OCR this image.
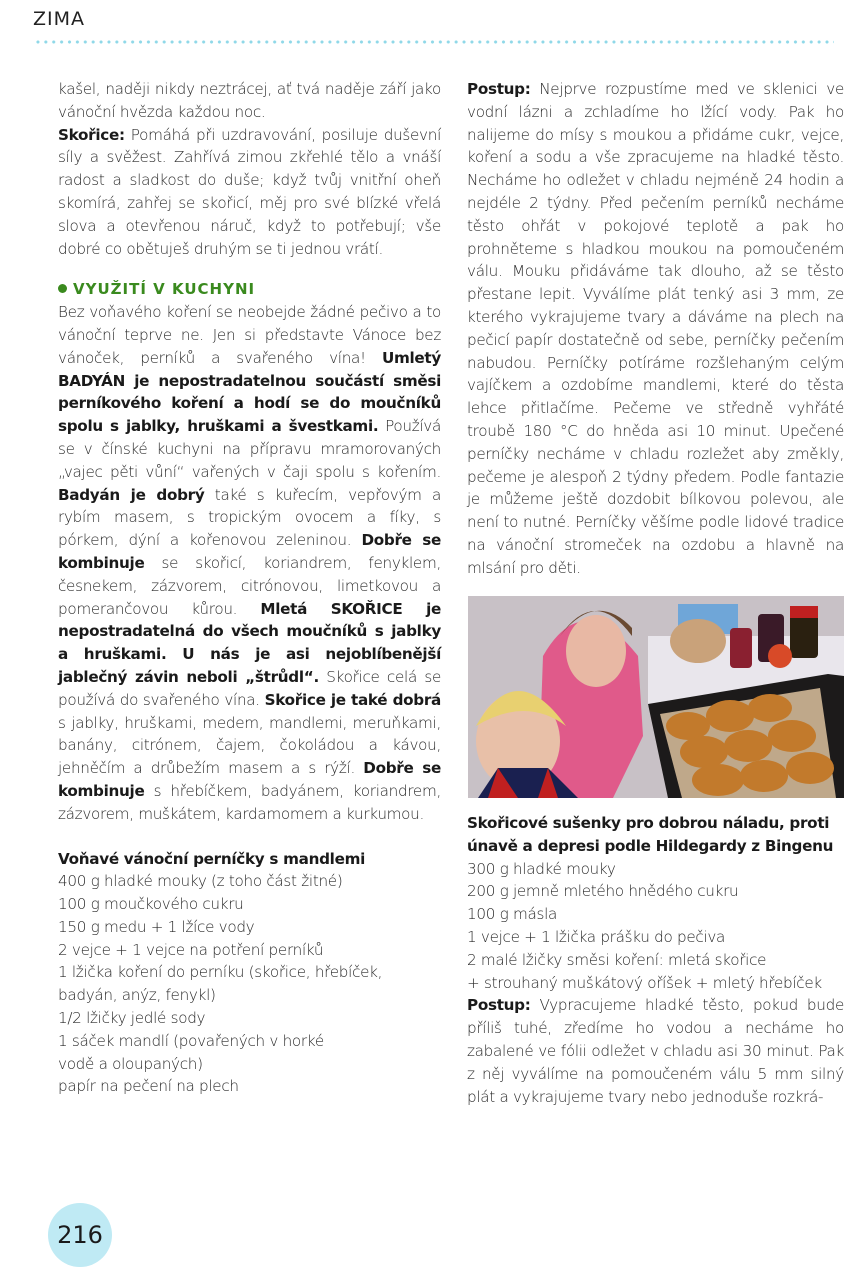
ZIMA

kašel, naději nikdy neztrácej, ať tvá naděje září jako vánoční hvězda každou noc.

Skořice: Pomáhá při uzdravování, posiluje duševní síly a svěžest. Zahřívá zimou zkřehlé tělo a vnáší radost a sladkost do duše; když tvůj vnitřní oheň skomírá, zahřej se skořicí, měj pro své blízké vřelá slova a otevřenou náruč, když to potřebují; vše dobré co obětuješ druhým se ti jednou vrátí.

VYUŽITÍ V KUCHYNI

Bez voňavého koření se neobejde žádné pečivo a to vánoční teprve ne. Jen si představte Vánoce bez vánoček, perníků a svařeného vína! Umletý BADYÁN je nepostradatelnou součástí směsi perníkového koření a hodí se do moučníků spolu s jablky, hruškami a švestkami. Používá se v čínské kuchyni na přípravu mramorovaných „vajec pěti vůní“ vařených v čaji spolu s kořením. Badyán je dobrý také s kuřecím, vepřovým a rybím masem, s tropickým ovocem a fíky, s pórkem, dýní a kořenovou zeleninou. Dobře se kombinuje se skořicí, koriandrem, fenyklem, česnekem, zázvorem, citrónovou, limetkovou a pomerančovou kůrou. Mletá SKOŘICE je nepostradatelná do všech moučníků s jablky a hruškami. U nás je asi nejoblíbenější jablečný závin neboli „štrůdl“. Skořice celá se používá do svařeného vína. Skořice je také dobrá s jablky, hruškami, medem, mandlemi, meruňkami, banány, citrónem, čajem, čokoládou a kávou, jehněčím a drůbežím masem a s rýží. Dobře se kombinuje s hřebíčkem, badyánem, koriandrem, zázvorem, muškátem, kardamomem a kurkumou.

Voňavé vánoční perníčky s mandlemi

400 g hladké mouky (z toho část žitné)

100 g moučkového cukru

150 g medu + 1 lžíce vody

2 vejce + 1 vejce na potření perníků

1 lžička koření do perníku (skořice, hřebíček, badyán, anýz, fenykl)

1/2 lžičky jedlé sody

1 sáček mandlí (povařených v horké vodě a oloupaných)

papír na pečení na plech

Postup: Nejprve rozpustíme med ve sklenici ve vodní lázni a zchladíme ho lžící vody. Pak ho nalijeme do mísy s moukou a přidáme cukr, vejce, koření a sodu a vše zpracujeme na hladké těsto. Necháme ho odležet v chladu nejméně 24 hodin a nejdéle 2 týdny. Před pečením perníků necháme těsto ohřát v pokojové teplotě a pak ho prohněteme s hladkou moukou na pomoučeném válu. Mouku přidáváme tak dlouho, až se těsto přestane lepit. Vyválíme plát tenký asi 3 mm, ze kterého vykrajujeme tvary a dáváme na plech na pečicí papír dostatečně od sebe, perníčky pečením nabudou. Perníčky potíráme rozšlehaným celým vajíčkem a ozdobíme mandlemi, které do těsta lehce přitlačíme. Pečeme ve středně vyhřáté troubě 180 °C do hněda asi 10 minut. Upečené perníčky necháme v chladu rozležet aby změkly, pečeme je alespoň 2 týdny předem. Podle fantazie je můžeme ještě dozdobit bílkovou polevou, ale není to nutné. Perníčky věšíme podle lidové tradice na vánoční stromeček na ozdobu a hlavně na mlsání pro děti.

Skořicové sušenky pro dobrou náladu, proti únavě a depresi podle Hildegardy z Bingenu

300 g hladké mouky

200 g jemně mletého hnědého cukru

100 g másla

1 vejce + 1 lžička prášku do pečiva

2 malé lžičky směsi koření: mletá skořice

+ strouhaný muškátový oříšek + mletý hřebíček

Postup: Vypracujeme hladké těsto, pokud bude příliš tuhé, zředíme ho vodou a necháme ho zabalené ve fólii odležet v chladu asi 30 minut. Pak z něj vyválíme na pomoučeném válu 5 mm silný plát a vykrajujeme tvary nebo jednoduše rozkrá-

216
